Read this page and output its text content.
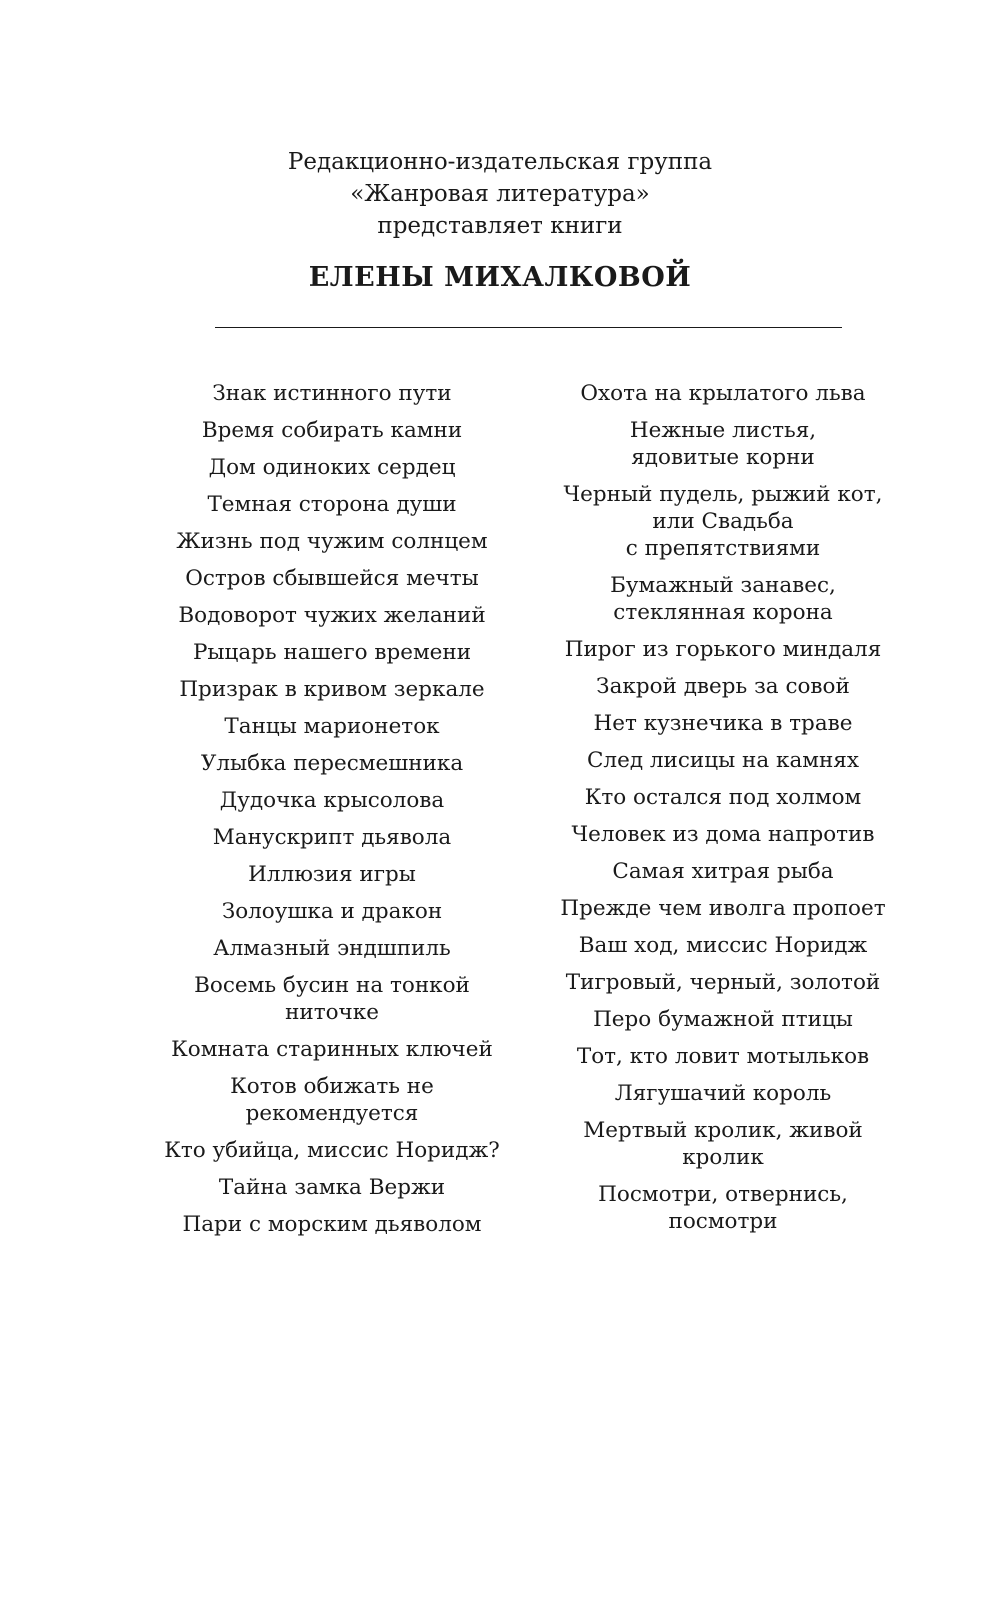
Редакционно-издательская группа

«Жанровая литература»

представляет книги

ЕЛЕНЫ МИХАЛКОВОЙ

Знак истинного пути
Время собирать камни
Дом одиноких сердец
Темная сторона души
Жизнь под чужим солнцем
Остров сбывшейся мечты
Водоворот чужих желаний
Рыцарь нашего времени
Призрак в кривом зеркале
Танцы марионеток
Улыбка пересмешника
Дудочка крысолова
Манускрипт дьявола
Иллюзия игры
Золоушка и дракон
Алмазный эндшпиль
Восемь бусин на тонкой
ниточке
Комната старинных ключей
Котов обижать не
рекомендуется
Кто убийца, миссис Норидж?
Тайна замка Вержи
Пари с морским дьяволом
Охота на крылатого льва
Нежные листья,
ядовитые корни
Черный пудель, рыжий кот,
или Свадьба
с препятствиями
Бумажный занавес,
стеклянная корона
Пирог из горького миндаля
Закрой дверь за совой
Нет кузнечика в траве
След лисицы на камнях
Кто остался под холмом
Человек из дома напротив
Самая хитрая рыба
Прежде чем иволга пропоет
Ваш ход, миссис Норидж
Тигровый, черный, золотой
Перо бумажной птицы
Тот, кто ловит мотыльков
Лягушачий король
Мертвый кролик, живой
кролик
Посмотри, отвернись,
посмотри
